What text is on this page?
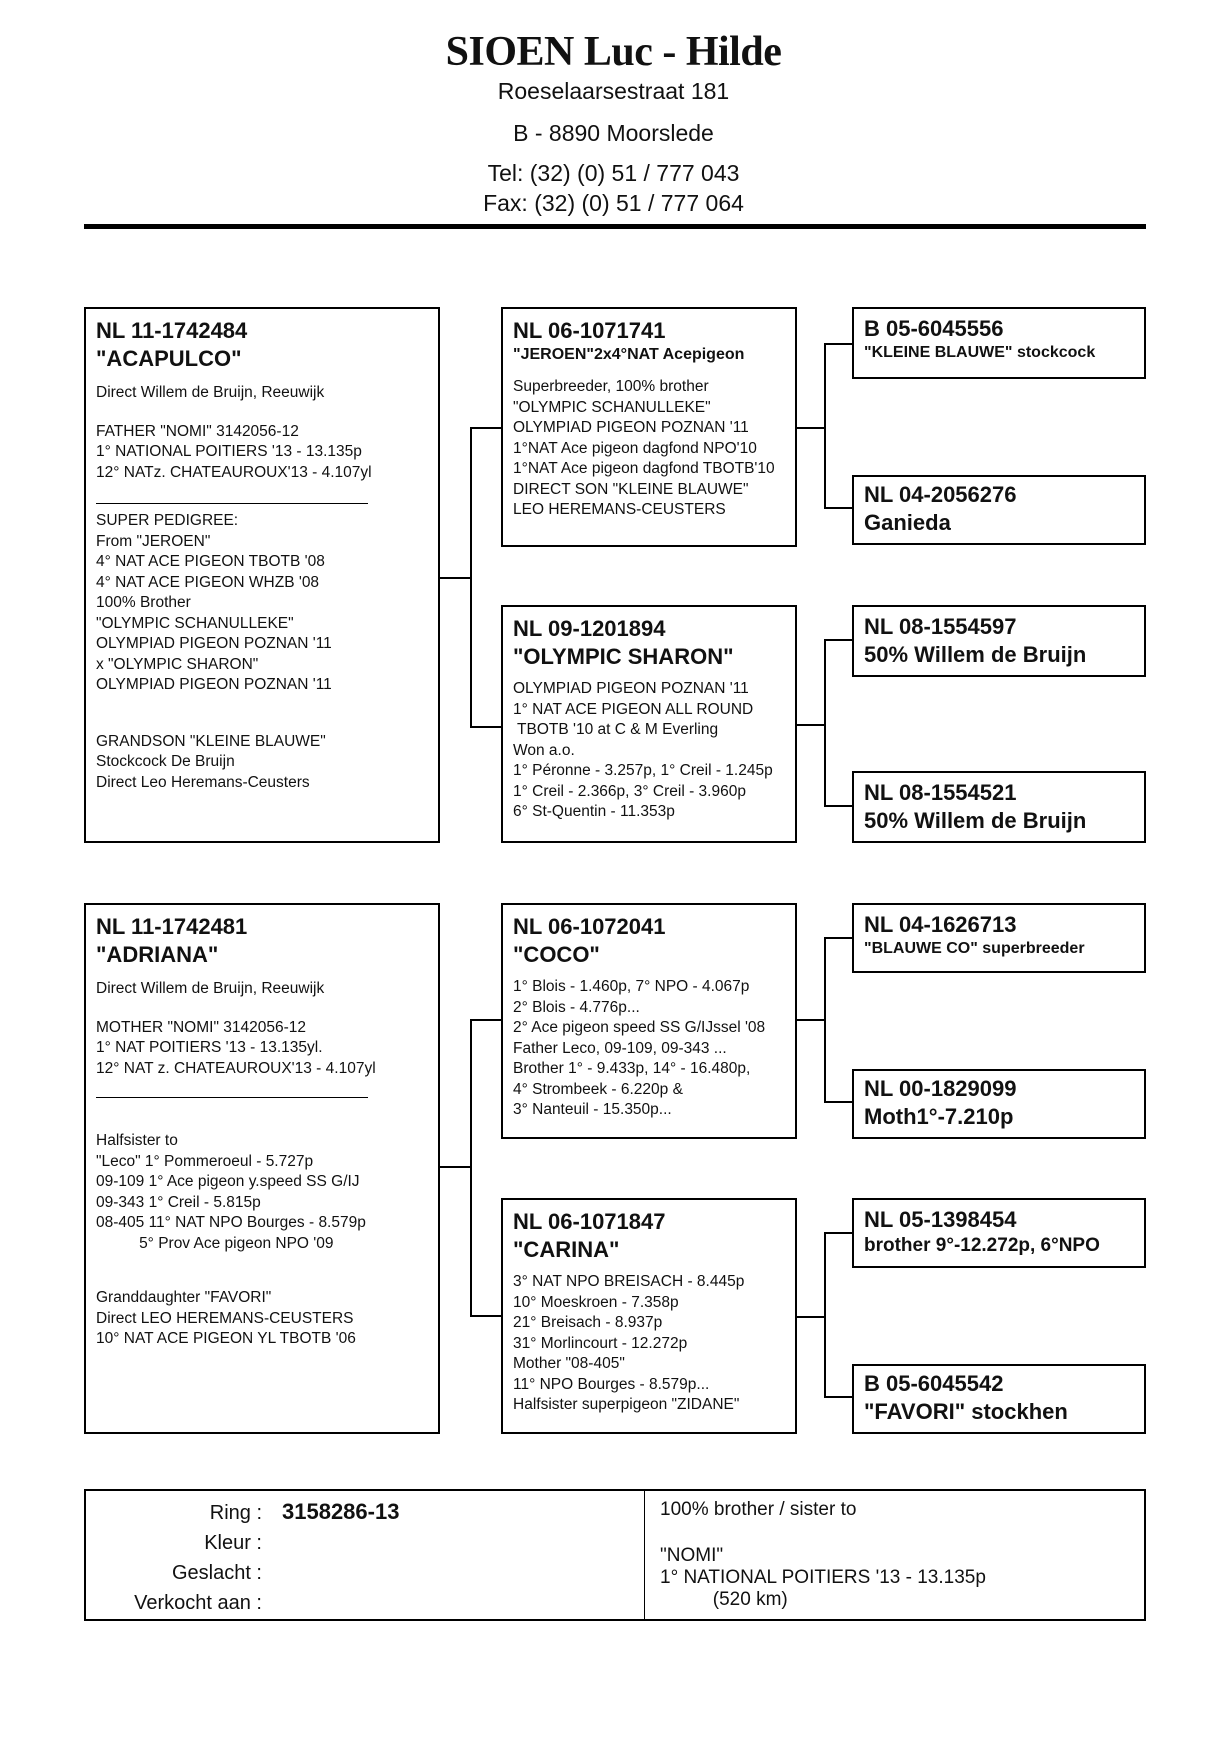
SIOEN Luc - Hilde
Roeselaarsestraat 181
B - 8890 Moorslede
Tel: (32) (0) 51 / 777 043
Fax: (32) (0) 51 / 777 064
NL 11-1742484
"ACAPULCO"
Direct Willem de Bruijn, Reeuwijk
FATHER "NOMI" 3142056-12
1° NATIONAL POITIERS '13 - 13.135p
12° NATz. CHATEAUROUX'13 - 4.107yl
SUPER PEDIGREE:
From "JEROEN"
4° NAT ACE PIGEON TBOTB '08
4° NAT ACE PIGEON WHZB '08
100% Brother
"OLYMPIC SCHANULLEKE"
OLYMPIAD PIGEON POZNAN '11
x "OLYMPIC SHARON"
OLYMPIAD PIGEON POZNAN '11
GRANDSON "KLEINE BLAUWE"
Stockcock De Bruijn
Direct Leo Heremans-Ceusters
NL 06-1071741
"JEROEN"2x4°NAT Acepigeon
Superbreeder, 100% brother
"OLYMPIC SCHANULLEKE"
OLYMPIAD PIGEON POZNAN '11
1°NAT Ace pigeon dagfond NPO'10
1°NAT Ace pigeon dagfond TBOTB'10
DIRECT SON "KLEINE BLAUWE"
LEO HEREMANS-CEUSTERS
NL 09-1201894
"OLYMPIC SHARON"
OLYMPIAD PIGEON POZNAN '11
1° NAT ACE PIGEON ALL ROUND
TBOTB '10 at C & M Everling
Won a.o.
1° Péronne - 3.257p, 1° Creil - 1.245p
1° Creil - 2.366p, 3° Creil - 3.960p
6° St-Quentin - 11.353p
B 05-6045556
"KLEINE BLAUWE" stockcock
NL 04-2056276
Ganieda
NL 08-1554597
50% Willem de Bruijn
NL 08-1554521
50% Willem de Bruijn
NL 11-1742481
"ADRIANA"
Direct Willem de Bruijn, Reeuwijk
MOTHER "NOMI" 3142056-12
1° NAT POITIERS '13 - 13.135yl.
12° NAT z. CHATEAUROUX'13 - 4.107yl
Halfsister to
"Leco" 1° Pommeroeul - 5.727p
09-109 1° Ace pigeon y.speed SS G/IJ
09-343 1° Creil - 5.815p
08-405 11° NAT NPO Bourges - 8.579p
5° Prov Ace pigeon NPO '09
Granddaughter "FAVORI"
Direct LEO HEREMANS-CEUSTERS
10° NAT ACE PIGEON YL TBOTB '06
NL 06-1072041
"COCO"
1° Blois - 1.460p, 7° NPO - 4.067p
2° Blois - 4.776p...
2° Ace pigeon speed SS G/IJssel '08
Father Leco, 09-109, 09-343 ...
Brother 1° - 9.433p, 14° - 16.480p,
4° Strombeek - 6.220p &
3° Nanteuil - 15.350p...
NL 06-1071847
"CARINA"
3° NAT NPO BREISACH - 8.445p
10° Moeskroen - 7.358p
21° Breisach - 8.937p
31° Morlincourt - 12.272p
Mother "08-405"
11° NPO Bourges - 8.579p...
Halfsister superpigeon "ZIDANE"
NL 04-1626713
"BLAUWE CO" superbreeder
NL 00-1829099
Moth1°-7.210p
NL 05-1398454
brother 9°-12.272p, 6°NPO
B 05-6045542
"FAVORI" stockhen
Ring : 3158286-13
Kleur :
Geslacht :
Verkocht aan :
100% brother / sister to
"NOMI"
1° NATIONAL POITIERS '13 - 13.135p
(520 km)
